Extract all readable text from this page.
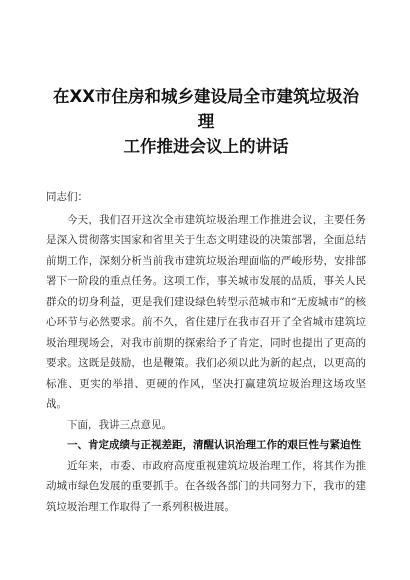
在XX市住房和城乡建设局全市建筑垃圾治理
工作推进会议上的讲话

同志们：

今天，我们召开这次全市建筑垃圾治理工作推进会议，主要任务是深入贯彻落实国家和省里关于生态文明建设的决策部署，全面总结前期工作，深刻分析当前我市建筑垃圾治理面临的严峻形势，安排部署下一阶段的重点任务。这项工作，事关城市发展的品质，事关人民群众的切身利益，更是我们建设绿色转型示范城市和“无废城市”的核心环节与必然要求。前不久，省住建厅在我市召开了全省城市建筑垃圾治理现场会，对我市前期的探索给予了肯定，同时也提出了更高的要求。这既是鼓励，也是鞭策。我们必须以此为新的起点，以更高的标准、更实的举措、更硬的作风，坚决打赢建筑垃圾治理这场攻坚战。

下面，我讲三点意见。

一、肯定成绩与正视差距，清醒认识治理工作的艰巨性与紧迫性

近年来，市委、市政府高度重视建筑垃圾治理工作，将其作为推动城市绿色发展的重要抓手。在各级各部门的共同努力下，我市的建筑垃圾治理工作取得了一系列积极进展。
